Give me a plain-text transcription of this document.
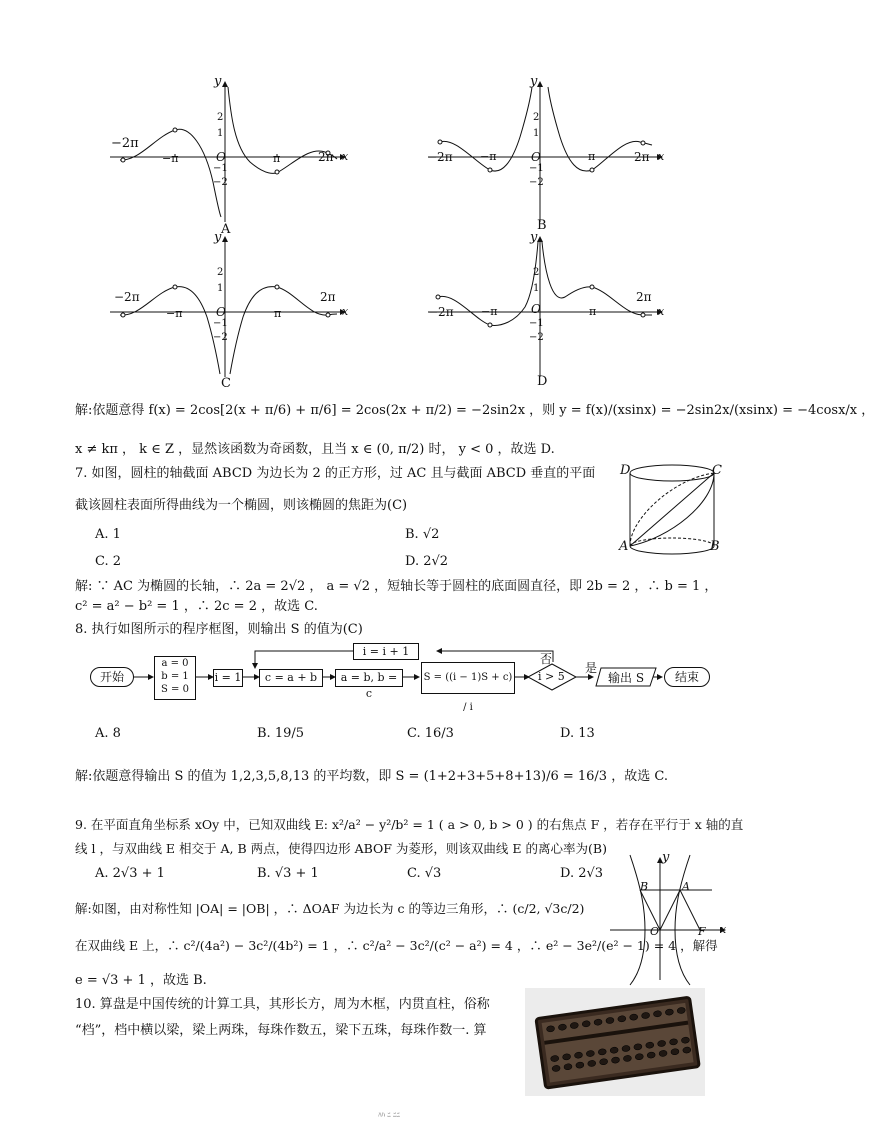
y
x
−2π
−π	O	π	2π
2
1
−1
−2
A
y
x
−2π −π	O	π	2π
2
1
−1
−2
B
y
x
−2π
−π	O	π
2π
2
1
−1
−2
C
y
x
−2π −π	O	π
2π
2
1
−1
−2
D
解:依题意得 f(x) = 2cos[2(x + π/6) + π/6] = 2cos(2x + π/2) = −2sin2x ，则 y = f(x)/(xsinx) = −2sin2x/(xsinx) = −4cosx/x ，
x ≠ kπ ， k ∈ Z ，显然该函数为奇函数，且当 x ∈ (0, π/2) 时， y < 0 ，故选 D.
7. 如图，圆柱的轴截面 ABCD 为边长为 2 的正方形，过 AC 且与截面 ABCD 垂直的平面
截该圆柱表面所得曲线为一个椭圆，则该椭圆的焦距为(C)
A. 1	B. √2
C. 2	D. 2√2
解: ∵ AC 为椭圆的长轴，∴ 2a = 2√2 ， a = √2 ，短轴长等于圆柱的底面圆直径，即 2b = 2 ，∴ b = 1 ，
c² = a² − b² = 1 ，∴ 2c = 2 ，故选 C.
D	C
A	B
8. 执行如图所示的程序框图，则输出 S 的值为(C)
开始
a = 0
b = 1
S = 0
i = 1	c = a + b	a = b, b = c
S = ((i − 1)S + c) / i
i = i + 1
i > 5
否
是
输出 S	结束
A. 8	B. 19/5	C. 16/3	D. 13
解:依题意得输出 S 的值为 1,2,3,5,8,13 的平均数，即 S = (1+2+3+5+8+13)/6 = 16/3 ，故选 C.
9. 在平面直角坐标系 xOy 中，已知双曲线 E: x²/a² − y²/b² = 1 ( a > 0, b > 0 ) 的右焦点 F ，若存在平行于 x 轴的直
线 l ，与双曲线 E 相交于 A, B 两点，使得四边形 ABOF 为菱形，则该双曲线 E 的离心率为(B)
A. 2√3 + 1	B. √3 + 1	C. √3	D. 2√3
解:如图，由对称性知 |OA| = |OB| ，∴ ΔOAF 为边长为 c 的等边三角形，∴ (c/2, √3c/2)
在双曲线 E 上，∴ c²/(4a²) − 3c²/(4b²) = 1 ，∴ c²/a² − 3c²/(c² − a²) = 4 ，∴ e² − 3e²/(e² − 1) = 4 ，解得
e = √3 + 1 ，故选 B.
y
x
B	A
O	F
10. 算盘是中国传统的计算工具，其形长方，周为木框，内贯直柱，俗称
“档”，档中横以梁，梁上两珠，每珠作数五，梁下五珠，每珠作数一. 算
ﾊﾊ ﾆ ﾆﾆ
